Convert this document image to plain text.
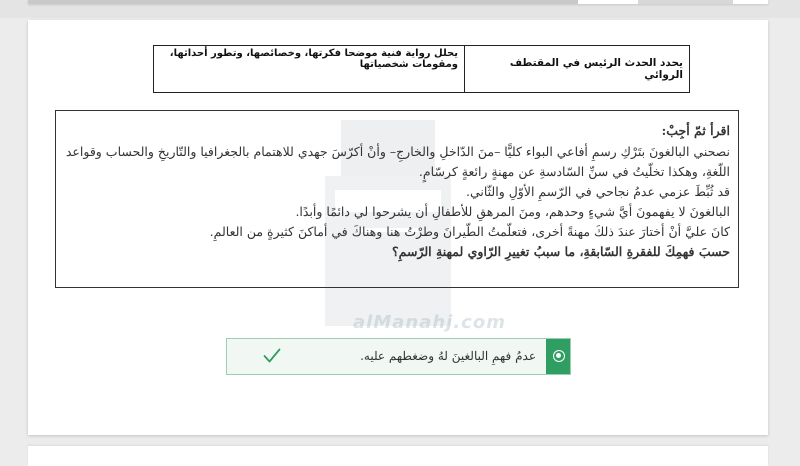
يحدد الحدث الرئيس في المقتطف الروائي	يحلل رواية فنية موضحا فكرتها، وخصائصها، وتطور أحداثها، ومقومات شخصياتها
اقرأ ثمّ أجِبْ:

نصحني البالغونَ بتَرْكِ رسمِ أفاعي البواء كليًّا –منَ الدّاخلِ والخارجِ– وأنْ أكرّسَ جهدي للاهتمام بالجغرافيا والتّاريخِ والحساب وقواعد

اللّغةِ، وهكذا تخلّيتُ في سنِّ السّادسةِ عن مهنةٍ رائعةٍ كرسّامٍ.

قد ثُبِّطَ عزمي عدمُ نجاحي في الرّسمِ الأوّلِ والثّاني.

البالغونَ لا يفهمونَ أيَّ شيءٍ وحدهم، ومنَ المرهقِ للأطفالِ أن يشرحوا لي دائمًا وأبدًا.

كانَ عليَّ أنْ أختارَ عندَ ذلكَ مهنةً أخرى، فتعلّمتُ الطّيرانَ وطرْتُ هنا وهناكَ في أماكنَ كثيرةٍ من العالمِ.

حسبَ فهمِكَ للفقرةِ السّابقةِ، ما سببُ تغييرِ الرّاوي لمهنةِ الرّسمِ؟

alManahj.com
عدمُ فهمِ البالغينَ لهُ وضغطهم عليه.
